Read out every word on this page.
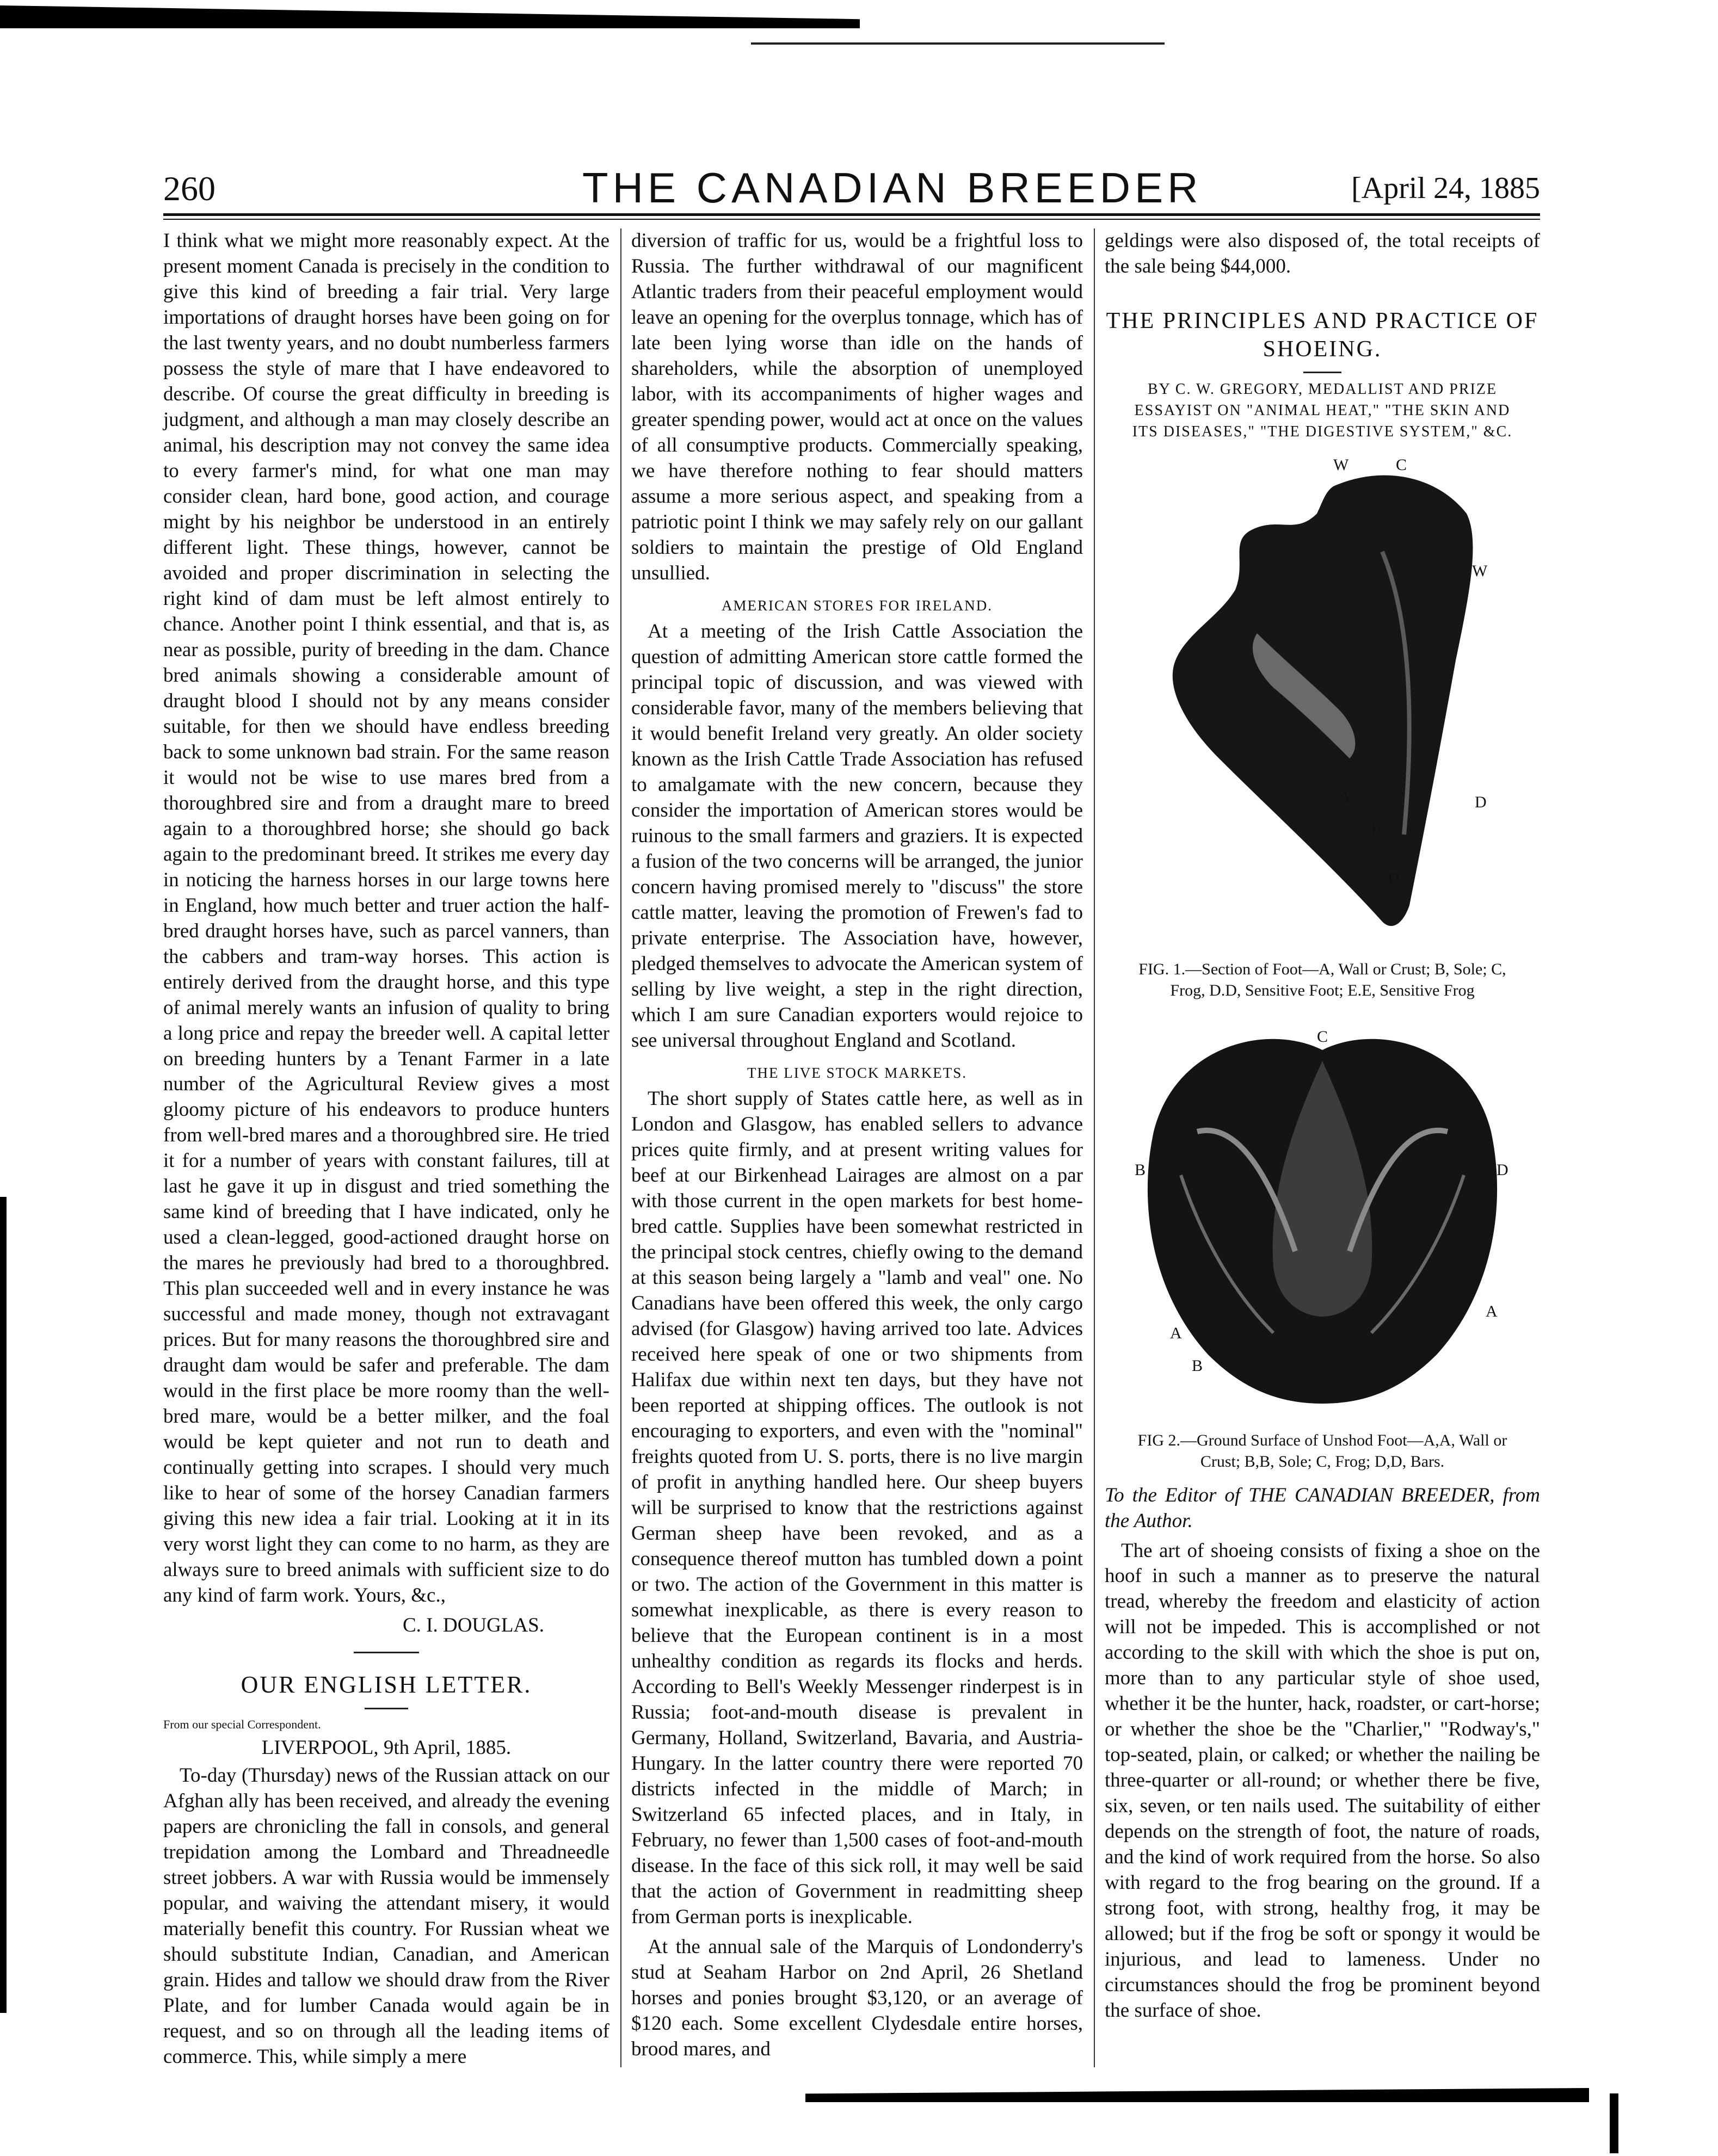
260	THE CANADIAN BREEDER	[April 24, 1885

I think what we might more reasonably expect. At the present moment Canada is precisely in the condition to give this kind of breeding a fair trial. Very large importations of draught horses have been going on for the last twenty years, and no doubt numberless farmers possess the style of mare that I have endeavored to describe. Of course the great difficulty in breeding is judgment, and although a man may closely describe an animal, his description may not convey the same idea to every farmer's mind, for what one man may consider clean, hard bone, good action, and courage might by his neighbor be understood in an entirely different light. These things, however, cannot be avoided and proper discrimination in selecting the right kind of dam must be left almost entirely to chance. Another point I think essential, and that is, as near as possible, purity of breeding in the dam. Chance bred animals showing a considerable amount of draught blood I should not by any means consider suitable, for then we should have endless breeding back to some unknown bad strain. For the same reason it would not be wise to use mares bred from a thoroughbred sire and from a draught mare to breed again to a thoroughbred horse; she should go back again to the predominant breed. It strikes me every day in noticing the harness horses in our large towns here in England, how much better and truer action the half-bred draught horses have, such as parcel vanners, than the cabbers and tram-way horses. This action is entirely derived from the draught horse, and this type of animal merely wants an infusion of quality to bring a long price and repay the breeder well. A capital letter on breeding hunters by a Tenant Farmer in a late number of the Agricultural Review gives a most gloomy picture of his endeavors to produce hunters from well-bred mares and a thoroughbred sire. He tried it for a number of years with constant failures, till at last he gave it up in disgust and tried something the same kind of breeding that I have indicated, only he used a clean-legged, good-actioned draught horse on the mares he previously had bred to a thoroughbred. This plan succeeded well and in every instance he was successful and made money, though not extravagant prices. But for many reasons the thoroughbred sire and draught dam would be safer and preferable. The dam would in the first place be more roomy than the well-bred mare, would be a better milker, and the foal would be kept quieter and not run to death and continually getting into scrapes. I should very much like to hear of some of the horsey Canadian farmers giving this new idea a fair trial. Looking at it in its very worst light they can come to no harm, as they are always sure to breed animals with sufficient size to do any kind of farm work. Yours, &c.,

C. I. DOUGLAS.
OUR ENGLISH LETTER.
From our special Correspondent.
LIVERPOOL, 9th April, 1885.

To-day (Thursday) news of the Russian attack on our Afghan ally has been received, and already the evening papers are chronicling the fall in consols, and general trepidation among the Lombard and Threadneedle street jobbers. A war with Russia would be immensely popular, and waiving the attendant misery, it would materially benefit this country. For Russian wheat we should substitute Indian, Canadian, and American grain. Hides and tallow we should draw from the River Plate, and for lumber Canada would again be in request, and so on through all the leading items of commerce. This, while simply a mere

diversion of traffic for us, would be a frightful loss to Russia. The further withdrawal of our magnificent Atlantic traders from their peaceful employment would leave an opening for the overplus tonnage, which has of late been lying worse than idle on the hands of shareholders, while the absorption of unemployed labor, with its accompaniments of higher wages and greater spending power, would act at once on the values of all consumptive products. Commercially speaking, we have therefore nothing to fear should matters assume a more serious aspect, and speaking from a patriotic point I think we may safely rely on our gallant soldiers to maintain the prestige of Old England unsullied.

AMERICAN STORES FOR IRELAND.

At a meeting of the Irish Cattle Association the question of admitting American store cattle formed the principal topic of discussion, and was viewed with considerable favor, many of the members believing that it would benefit Ireland very greatly. An older society known as the Irish Cattle Trade Association has refused to amalgamate with the new concern, because they consider the importation of American stores would be ruinous to the small farmers and graziers. It is expected a fusion of the two concerns will be arranged, the junior concern having promised merely to "discuss" the store cattle matter, leaving the promotion of Frewen's fad to private enterprise. The Association have, however, pledged themselves to advocate the American system of selling by live weight, a step in the right direction, which I am sure Canadian exporters would rejoice to see universal throughout England and Scotland.

THE LIVE STOCK MARKETS.

The short supply of States cattle here, as well as in London and Glasgow, has enabled sellers to advance prices quite firmly, and at present writing values for beef at our Birkenhead Lairages are almost on a par with those current in the open markets for best home-bred cattle. Supplies have been somewhat restricted in the principal stock centres, chiefly owing to the demand at this season being largely a "lamb and veal" one. No Canadians have been offered this week, the only cargo advised (for Glasgow) having arrived too late. Advices received here speak of one or two shipments from Halifax due within next ten days, but they have not been reported at shipping offices. The outlook is not encouraging to exporters, and even with the "nominal" freights quoted from U. S. ports, there is no live margin of profit in anything handled here. Our sheep buyers will be surprised to know that the restrictions against German sheep have been revoked, and as a consequence thereof mutton has tumbled down a point or two. The action of the Government in this matter is somewhat inexplicable, as there is every reason to believe that the European continent is in a most unhealthy condition as regards its flocks and herds. According to Bell's Weekly Messenger rinderpest is in Russia; foot-and-mouth disease is prevalent in Germany, Holland, Switzerland, Bavaria, and Austria-Hungary. In the latter country there were reported 70 districts infected in the middle of March; in Switzerland 65 infected places, and in Italy, in February, no fewer than 1,500 cases of foot-and-mouth disease. In the face of this sick roll, it may well be said that the action of Government in readmitting sheep from German ports is inexplicable.

At the annual sale of the Marquis of Londonderry's stud at Seaham Harbor on 2nd April, 26 Shetland horses and ponies brought $3,120, or an average of $120 each. Some excellent Clydesdale entire horses, brood mares, and

geldings were also disposed of, the total receipts of the sale being $44,000.

THE PRINCIPLES AND PRACTICE OF SHOEING.
BY C. W. GREGORY, MEDALLIST AND PRIZE ESSAYIST ON "ANIMAL HEAT," "THE SKIN AND ITS DISEASES," "THE DIGESTIVE SYSTEM," &C.
W	C
W
A	D
B
D
FIG. 1.—Section of Foot—A, Wall or Crust; B, Sole; C, Frog, D.D, Sensitive Foot; E.E, Sensitive Frog
C
D
B
B
A
A
FIG 2.—Ground Surface of Unshod Foot—A,A, Wall or Crust; B,B, Sole; C, Frog; D,D, Bars.

To the Editor of THE CANADIAN BREEDER, from the Author.

The art of shoeing consists of fixing a shoe on the hoof in such a manner as to preserve the natural tread, whereby the freedom and elasticity of action will not be impeded. This is accomplished or not according to the skill with which the shoe is put on, more than to any particular style of shoe used, whether it be the hunter, hack, roadster, or cart-horse; or whether the shoe be the "Charlier," "Rodway's," top-seated, plain, or calked; or whether the nailing be three-quarter or all-round; or whether there be five, six, seven, or ten nails used. The suitability of either depends on the strength of foot, the nature of roads, and the kind of work required from the horse. So also with regard to the frog bearing on the ground. If a strong foot, with strong, healthy frog, it may be allowed; but if the frog be soft or spongy it would be injurious, and lead to lameness. Under no circumstances should the frog be prominent beyond the surface of shoe.
